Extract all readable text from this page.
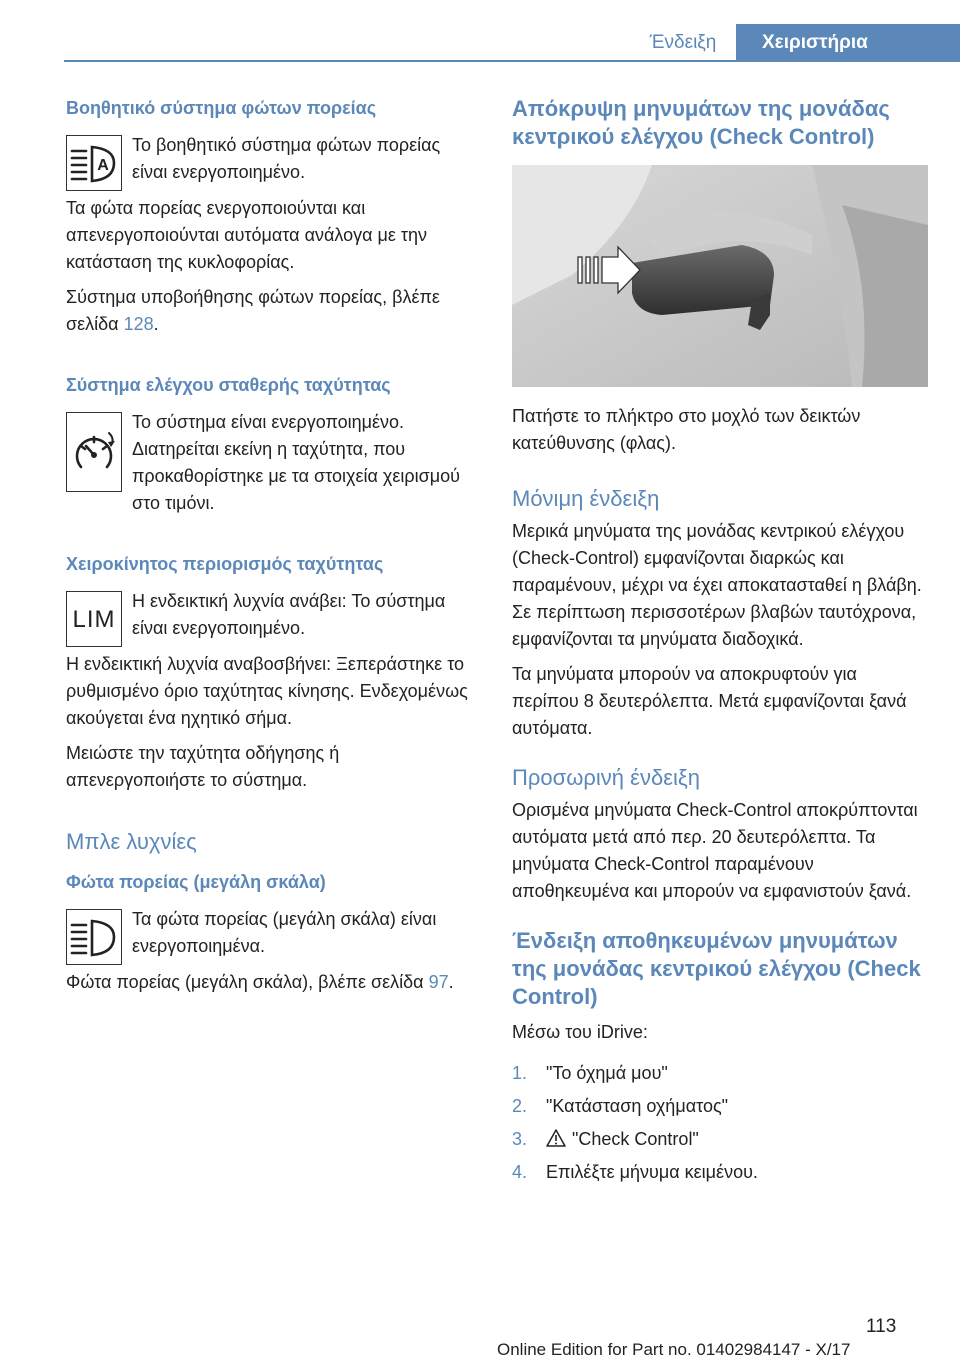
Ένδειξη	Χειριστήρια
Βοηθητικό σύστημα φώτων πορείας
A

Το βοηθητικό σύστημα φώτων πορείας είναι ενεργοποιημένο.

Τα φώτα πορείας ενεργοποιούνται και απενεργοποιούνται αυτόματα ανάλογα με την κατάσταση της κυκλοφορίας.

Σύστημα υποβοήθησης φώτων πορείας, βλέπε σελίδα 128.

Σύστημα ελέγχου σταθερής ταχύτητας

Το σύστημα είναι ενεργοποιημένο. Διατηρείται εκείνη η ταχύτητα, που προκαθορίστηκε με τα στοιχεία χειρισμού στο τιμόνι.

Χειροκίνητος περιορισμός ταχύτητας
LIM

Η ενδεικτική λυχνία ανάβει: Το σύστημα είναι ενεργοποιημένο.

Η ενδεικτική λυχνία αναβοσβήνει: Ξεπεράστηκε το ρυθμισμένο όριο ταχύτητας κίνησης. Ενδεχομένως ακούγεται ένα ηχητικό σήμα.

Μειώστε την ταχύτητα οδήγησης ή απενεργοποιήστε το σύστημα.

Μπλε λυχνίες
Φώτα πορείας (μεγάλη σκάλα)

Τα φώτα πορείας (μεγάλη σκάλα) είναι ενεργοποιημένα.

Φώτα πορείας (μεγάλη σκάλα), βλέπε σελίδα 97.

Απόκρυψη μηνυμάτων της μονάδας κεντρικού ελέγχου (Check Control)

Πατήστε το πλήκτρο στο μοχλό των δεικτών κατεύθυνσης (φλας).

Μόνιμη ένδειξη

Μερικά μηνύματα της μονάδας κεντρικού ελέγχου (Check-Control) εμφανίζονται διαρκώς και παραμένουν, μέχρι να έχει αποκατασταθεί η βλάβη. Σε περίπτωση περισσοτέρων βλαβών ταυτόχρονα, εμφανίζονται τα μηνύματα διαδοχικά.

Τα μηνύματα μπορούν να αποκρυφτούν για περίπου 8 δευτερόλεπτα. Μετά εμφανίζονται ξανά αυτόματα.

Προσωρινή ένδειξη

Ορισμένα μηνύματα Check-Control αποκρύπτονται αυτόματα μετά από περ. 20 δευτερόλεπτα. Τα μηνύματα Check-Control παραμένουν αποθηκευμένα και μπορούν να εμφανιστούν ξανά.

Ένδειξη αποθηκευμένων μηνυμάτων της μονάδας κεντρικού ελέγχου (Check Control)

Μέσω του iDrive:

1. "Το όχημά μου"
2. "Κατάσταση οχήματος"
3. "Check Control"
4. Επιλέξτε μήνυμα κειμένου.
113
Online Edition for Part no. 01402984147 - X/17
